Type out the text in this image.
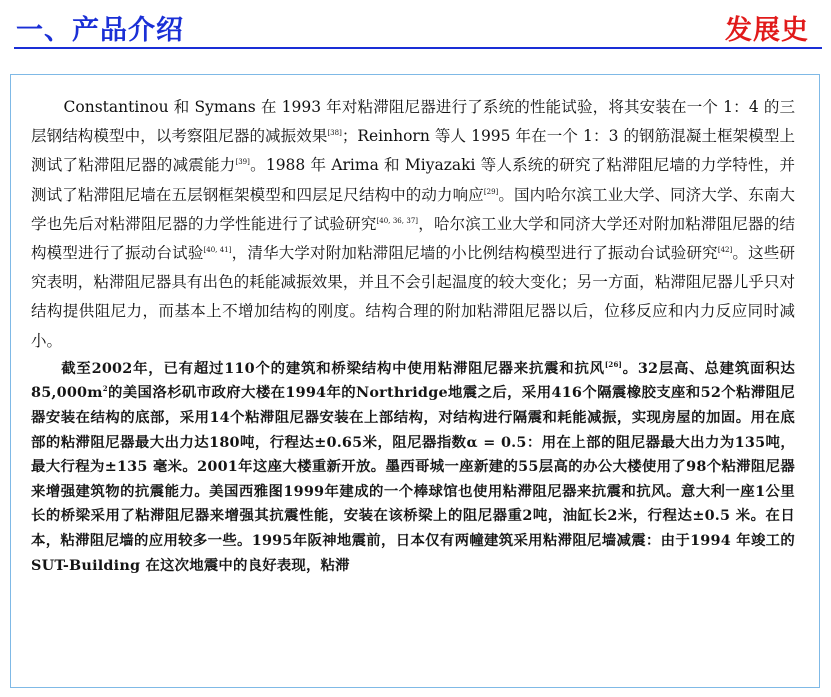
一、产品介绍	发展史

Constantinou 和 Symans 在 1993 年对粘滞阻尼器进行了系统的性能试验，将其安装在一个 1：4 的三层钢结构模型中，以考察阻尼器的减振效果[38]；Reinhorn 等人 1995 年在一个 1：3 的钢筋混凝土框架模型上测试了粘滞阻尼器的减震能力[39]。1988 年 Arima 和 Miyazaki 等人系统的研究了粘滞阻尼墙的力学特性，并测试了粘滞阻尼墙在五层钢框架模型和四层足尺结构中的动力响应[29]。国内哈尔滨工业大学、同济大学、东南大学也先后对粘滞阻尼器的力学性能进行了试验研究[40, 36, 37]，哈尔滨工业大学和同济大学还对附加粘滞阻尼器的结构模型进行了振动台试验[40, 41]，清华大学对附加粘滞阻尼墙的小比例结构模型进行了振动台试验研究[42]。这些研究表明，粘滞阻尼器具有出色的耗能减振效果，并且不会引起温度的较大变化；另一方面，粘滞阻尼器儿乎只对结构提供阻尼力，而基本上不增加结构的刚度。结构合理的附加粘滞阻尼器以后，位移反应和内力反应同时减小。

截至2002年，已有超过110个的建筑和桥梁结构中使用粘滞阻尼器来抗震和抗风[26]。32层高、总建筑面积达$85,000m^2$的美国洛杉矶市政府大楼在1994年的Northridge地震之后，采用416个隔震橡胶支座和52个粘滞阻尼器安装在结构的底部，采用14个粘滞阻尼器安装在上部结构，对结构进行隔震和耗能减振，实现房屋的加固。用在底部的粘滞阻尼器最大出力达180吨，行程达±0.65米，阻尼器指数α = 0.5：用在上部的阻尼器最大出力为135吨，最大行程为±135 毫米。2001年这座大楼重新开放。墨西哥城一座新建的55层高的办公大楼使用了98个粘滞阻尼器来增强建筑物的抗震能力。美国西雅图1999年建成的一个棒球馆也使用粘滞阻尼器来抗震和抗风。意大利一座1公里长的桥梁采用了粘滞阻尼器来增强其抗震性能，安装在该桥梁上的阻尼器重2吨，油缸长2米，行程达±0.5 米。在日本，粘滞阻尼墙的应用较多一些。1995年阪神地震前，日本仅有两幢建筑采用粘滞阻尼墙减震：由于1994 年竣工的SUT-Building 在这次地震中的良好表现，粘滞
